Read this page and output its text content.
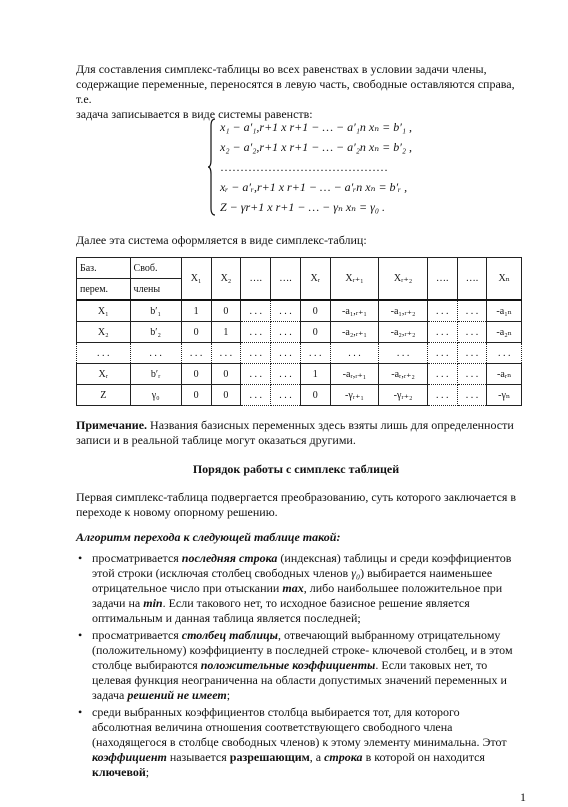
Для составления симплекс-таблицы во всех равенствах в условии задачи члены,
содержащие переменные, переносятся в левую часть, свободные оставляются справа, т.е.
задача записывается в виде системы равенств:

x₁ − a′₁,r+1 x r+1 − … − a′₁n xₙ = b′₁ ,
x₂ − a′₂,r+1 x r+1 − … − a′₂n xₙ = b′₂ ,
……………………………………
xᵣ − a′ᵣ,r+1 x r+1 − … − a′ᵣn xₙ = b′ᵣ ,
Z − γr+1 x r+1 − … − γₙ xₙ = γ₀ .

Далее эта система оформляется в виде симплекс-таблиц:

Баз.	Своб.	X₁	X₂	….	….	Xᵣ	Xᵣ₊₁	Xᵣ₊₂	….	….	Xₙ
перем.	члены										
X₁	b′₁	1	0	. . .	. . .	0	-a₁,ᵣ₊₁	-a₁,ᵣ₊₂	. . .	. . .	-a₁ₙ
X₂	b′₂	0	1	. . .	. . .	0	-a₂,ᵣ₊₁	-a₂,ᵣ₊₂	. . .	. . .	-a₂ₙ
. . .	. . .	. . .	. . .	. . .	. . .	. . .	. . .	. . .	. . .	. . .	. . .
Xᵣ	b′ᵣ	0	0	. . .	. . .	1	-aᵣ,ᵣ₊₁	-aᵣ,ᵣ₊₂	. . .	. . .	-aᵣₙ
Z	γ₀	0	0	. . .	. . .	0	-γᵣ₊₁	-γᵣ₊₂	. . .	. . .	-γₙ

Примечание. Названия базисных переменных здесь взяты лишь для определенности
записи и в реальной таблице могут оказаться другими.

Порядок работы с симплекс таблицей

Первая симплекс-таблица подвергается преобразованию, суть которого заключается в
переходе к новому опорному решению.

Алгоритм перехода к следующей таблице такой:
• просматривается последняя строка (индексная) таблицы и среди коэффициентов этой строки (исключая столбец свободных членов γ₀) выбирается наименьшее отрицательное число при отыскании max, либо наибольшее положительное при задачи на min. Если такового нет, то исходное базисное решение является оптимальным и данная таблица является последней;
• просматривается столбец таблицы, отвечающий выбранному отрицательному (положительному) коэффициенту в последней строке- ключевой столбец, и в этом столбце выбираются положительные коэффициенты. Если таковых нет, то целевая функция неограниченна на области допустимых значений переменных и задача решений не имеет;
• среди выбранных коэффициентов столбца выбирается тот, для которого абсолютная величина отношения соответствующего свободного члена (находящегося в столбце свободных членов) к этому элементу минимальна. Этот коэффициент называется разрешающим, а строка в которой он находится ключевой;
1
